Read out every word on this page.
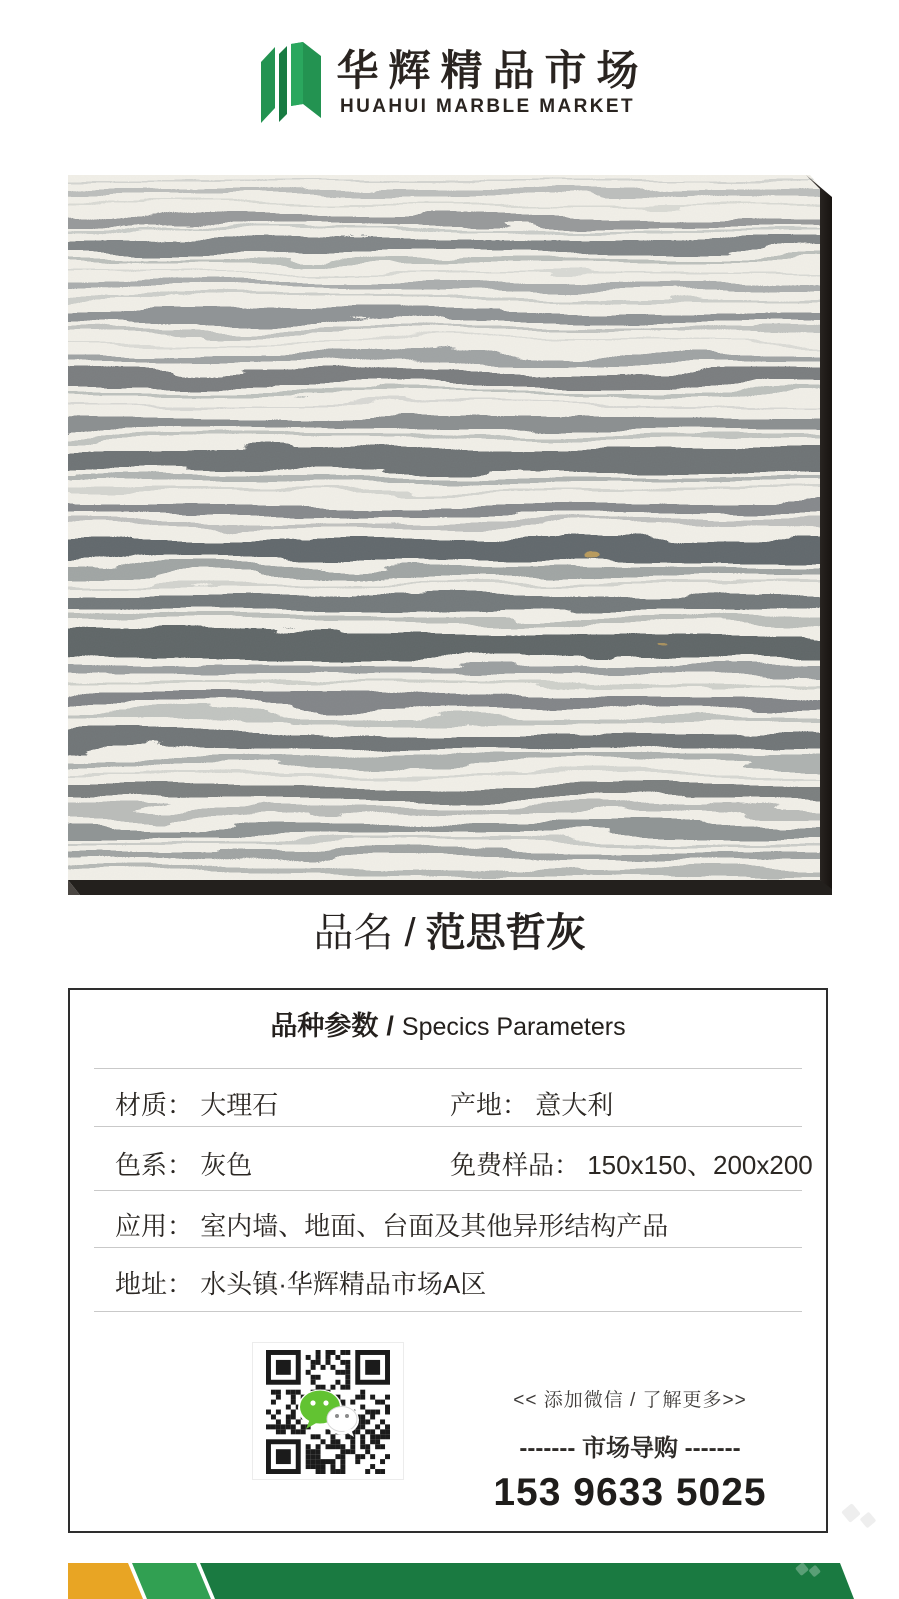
华辉精品市场
HUAHUI MARBLE MARKET
品名 / 范思哲灰
品种参数 / Specics Parameters
材质： 大理石	产地： 意大利
色系： 灰色	免费样品： 150x150、200x200
应用： 室内墙、地面、台面及其他异形结构产品
地址： 水头镇·华辉精品市场A区
<< 添加微信 / 了解更多>>
------- 市场导购 -------
153 9633 5025
